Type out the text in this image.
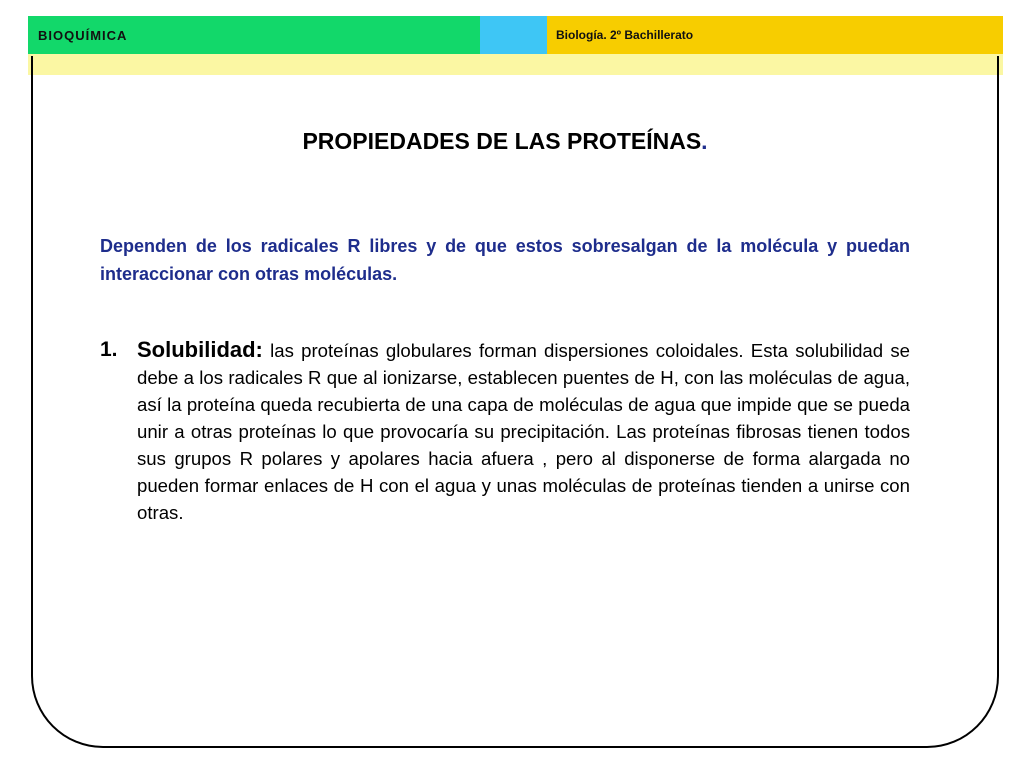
BIOQUÍMICA	Biología. 2º Bachillerato
PROPIEDADES DE LAS PROTEÍNAS.

Dependen de los radicales R libres y de que estos sobresalgan de la molécula y puedan interaccionar con otras moléculas.

1. Solubilidad: las proteínas globulares forman dispersiones coloidales. Esta solubilidad se debe a los radicales R que al ionizarse, establecen puentes de H, con las moléculas de agua, así la proteína queda recubierta de una capa de moléculas de agua que impide que se pueda unir a otras proteínas lo que provocaría su precipitación. Las proteínas fibrosas tienen todos sus grupos R polares y apolares hacia afuera , pero al disponerse de forma alargada no pueden formar enlaces de H con el agua y unas moléculas de proteínas tienden a unirse con otras.
